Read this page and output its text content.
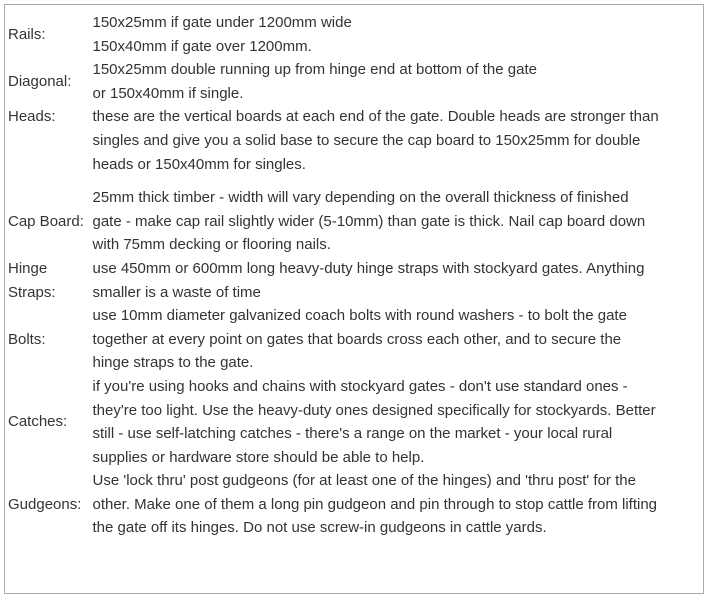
Rails:	150x25mm if gate under 1200mm wide
150x40mm if gate over 1200mm.

Diagonal:	150x25mm double running up from hinge end at bottom of the gate
or 150x40mm if single.

Heads:	these are the vertical boards at each end of the gate. Double heads are stronger than
singles and give you a solid base to secure the cap board to 150x25mm for double
heads or 150x40mm for singles.

Cap Board:	25mm thick timber - width will vary depending on the overall thickness of finished
gate - make cap rail slightly wider (5-10mm) than gate is thick. Nail cap board down
with 75mm decking or flooring nails.

Hinge
Straps:	use 450mm or 600mm long heavy-duty hinge straps with stockyard gates. Anything
smaller is a waste of time

Bolts:	use 10mm diameter galvanized coach bolts with round washers - to bolt the gate
together at every point on gates that boards cross each other, and to secure the
hinge straps to the gate.

Catches:	if you're using hooks and chains with stockyard gates - don't use standard ones -
they're too light. Use the heavy-duty ones designed specifically for stockyards. Better
still - use self-latching catches - there's a range on the market - your local rural
supplies or hardware store should be able to help.

Gudgeons:	Use 'lock thru' post gudgeons (for at least one of the hinges) and 'thru post' for the
other. Make one of them a long pin gudgeon and pin through to stop cattle from lifting
the gate off its hinges. Do not use screw-in gudgeons in cattle yards.
